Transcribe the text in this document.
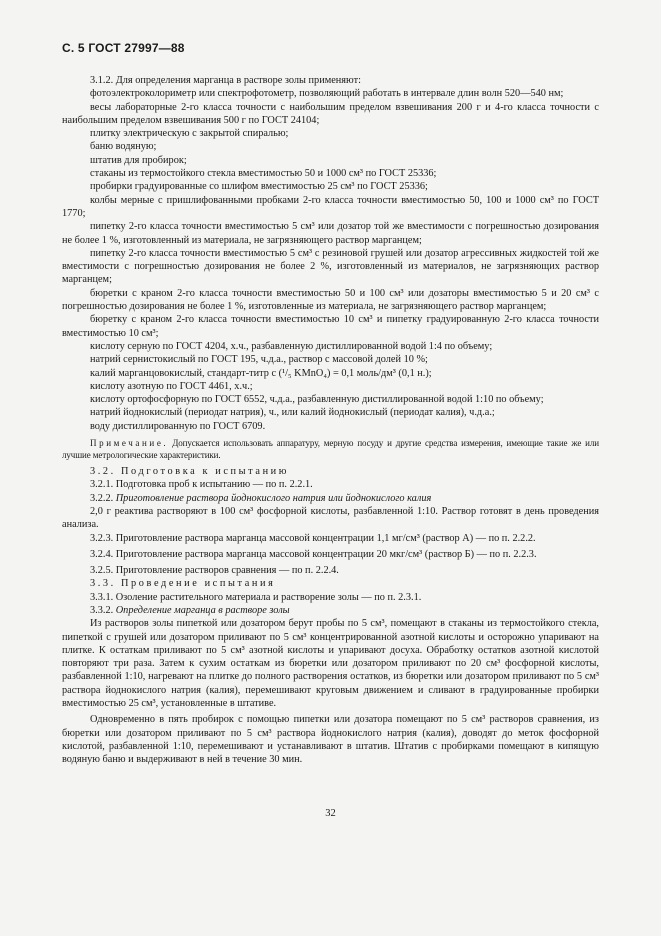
С. 5 ГОСТ 27997—88

3.1.2. Для определения марганца в растворе золы применяют:

фотоэлектроколориметр или спектрофотометр, позволяющий работать в интервале длин волн 520—540 нм;

весы лабораторные 2-го класса точности с наибольшим пределом взвешивания 200 г и 4-го класса точности с наибольшим пределом взвешивания 500 г по ГОСТ 24104;

плитку электрическую с закрытой спиралью;

баню водяную;

штатив для пробирок;

стаканы из термостойкого стекла вместимостью 50 и 1000 см³ по ГОСТ 25336;

пробирки градуированные со шлифом вместимостью 25 см³ по ГОСТ 25336;

колбы мерные с пришлифованными пробками 2-го класса точности вместимостью 50, 100 и 1000 см³ по ГОСТ 1770;

пипетку 2-го класса точности вместимостью 5 см³ или дозатор той же вместимости с погрешностью дозирования не более 1 %, изготовленный из материала, не загрязняющего раствор марганцем;

пипетку 2-го класса точности вместимостью 5 см³ с резиновой грушей или дозатор агрессивных жидкостей той же вместимости с погрешностью дозирования не более 2 %, изготовленный из материалов, не загрязняющих раствор марганцем;

бюретки с краном 2-го класса точности вместимостью 50 и 100 см³ или дозаторы вместимостью 5 и 20 см³ с погрешностью дозирования не более 1 %, изготовленные из материала, не загрязняющего раствор марганцем;

бюретку с краном 2-го класса точности вместимостью 10 см³ и пипетку градуированную 2-го класса точности вместимостью 10 см³;

кислоту серную по ГОСТ 4204, х.ч., разбавленную дистиллированной водой 1:4 по объему;

натрий сернистокислый по ГОСТ 195, ч.д.а., раствор с массовой долей 10 %;

калий марганцовокислый, стандарт-титр c (¹/₅ KMnO₄) = 0,1 моль/дм³ (0,1 н.);

кислоту азотную по ГОСТ 4461, х.ч.;

кислоту ортофосфорную по ГОСТ 6552, ч.д.а., разбавленную дистиллированной водой 1:10 по объему;

натрий йоднокислый (периодат натрия), ч., или калий йоднокислый (периодат калия), ч.д.а.;

воду дистиллированную по ГОСТ 6709.

Примечание. Допускается использовать аппаратуру, мерную посуду и другие средства измерения, имеющие такие же или лучшие метрологические характеристики.

3.2. Подготовка к испытанию

3.2.1. Подготовка проб к испытанию — по п. 2.2.1.

3.2.2. Приготовление раствора йоднокислого натрия или йоднокислого калия

2,0 г реактива растворяют в 100 см³ фосфорной кислоты, разбавленной 1:10. Раствор готовят в день проведения анализа.

3.2.3. Приготовление раствора марганца массовой концентрации 1,1 мг/см³ (раствор А) — по п. 2.2.2.

3.2.4. Приготовление раствора марганца массовой концентрации 20 мкг/см³ (раствор Б) — по п. 2.2.3.

3.2.5. Приготовление растворов сравнения — по п. 2.2.4.

3.3. Проведение испытания

3.3.1. Озоление растительного материала и растворение золы — по п. 2.3.1.

3.3.2. Определение марганца в растворе золы

Из растворов золы пипеткой или дозатором берут пробы по 5 см³, помещают в стаканы из термостойкого стекла, пипеткой с грушей или дозатором приливают по 5 см³ концентрированной азотной кислоты и осторожно упаривают на плитке. К остаткам приливают по 5 см³ азотной кислоты и упаривают досуха. Обработку остатков азотной кислотой повторяют три раза. Затем к сухим остаткам из бюретки или дозатором приливают по 20 см³ фосфорной кислоты, разбавленной 1:10, нагревают на плитке до полного растворения остатков, из бюретки или дозатором приливают по 5 см³ раствора йоднокислого натрия (калия), перемешивают круговым движением и сливают в градуированные пробирки вместимостью 25 см³, установленные в штативе.

Одновременно в пять пробирок с помощью пипетки или дозатора помещают по 5 см³ растворов сравнения, из бюретки или дозатором приливают по 5 см³ раствора йоднокислого натрия (калия), доводят до меток фосфорной кислотой, разбавленной 1:10, перемешивают и устанавливают в штатив. Штатив с пробирками помещают в кипящую водяную баню и выдерживают в ней в течение 30 мин.

32
